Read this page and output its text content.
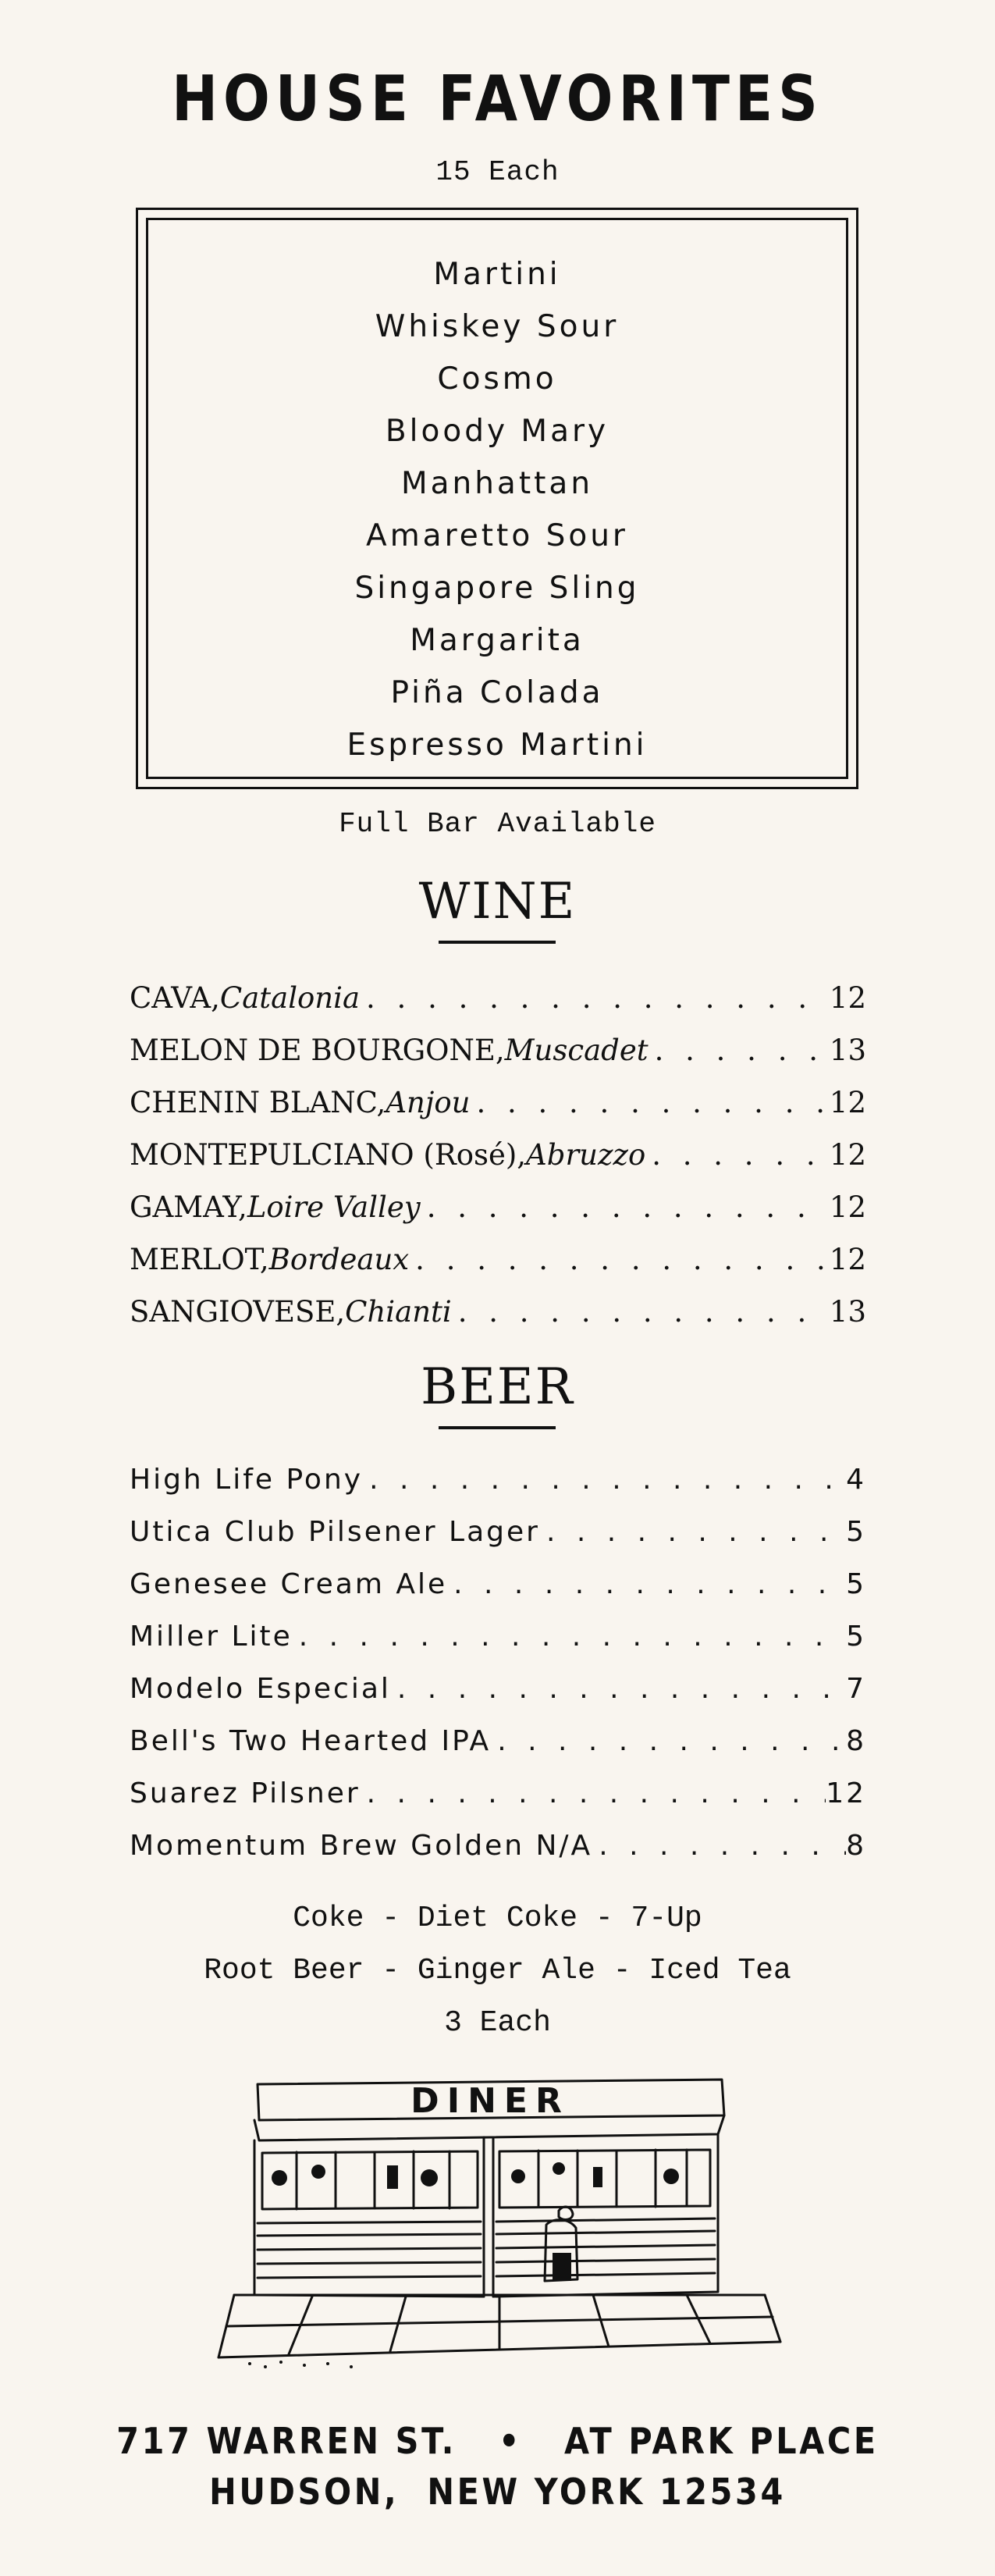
HOUSE FAVORITES
15 Each
Martini
Whiskey Sour
Cosmo
Bloody Mary
Manhattan
Amaretto Sour
Singapore Sling
Margarita
Piña Colada
Espresso Martini
Full Bar Available
WINE
CAVA, Catalonia . . .	12
MELON DE BOURGONE, Muscadet . . .	13
CHENIN BLANC, Anjou . . .	12
MONTEPULCIANO (Rosé), Abruzzo . . .	12
GAMAY, Loire Valley . . .	12
MERLOT, Bordeaux . . .	12
SANGIOVESE, Chianti . . .	13
BEER
High Life Pony . . .	4
Utica Club Pilsener Lager . . .	5
Genesee Cream Ale . . .	5
Miller Lite . . .	5
Modelo Especial . . .	7
Bell's Two Hearted IPA . . .	8
Suarez Pilsner . . .	12
Momentum Brew Golden N/A . . .	8
Coke - Diet Coke - 7-Up
Root Beer - Ginger Ale - Iced Tea
3 Each
DINER
717 WARREN ST. • AT PARK PLACE
HUDSON,  NEW YORK 12534
